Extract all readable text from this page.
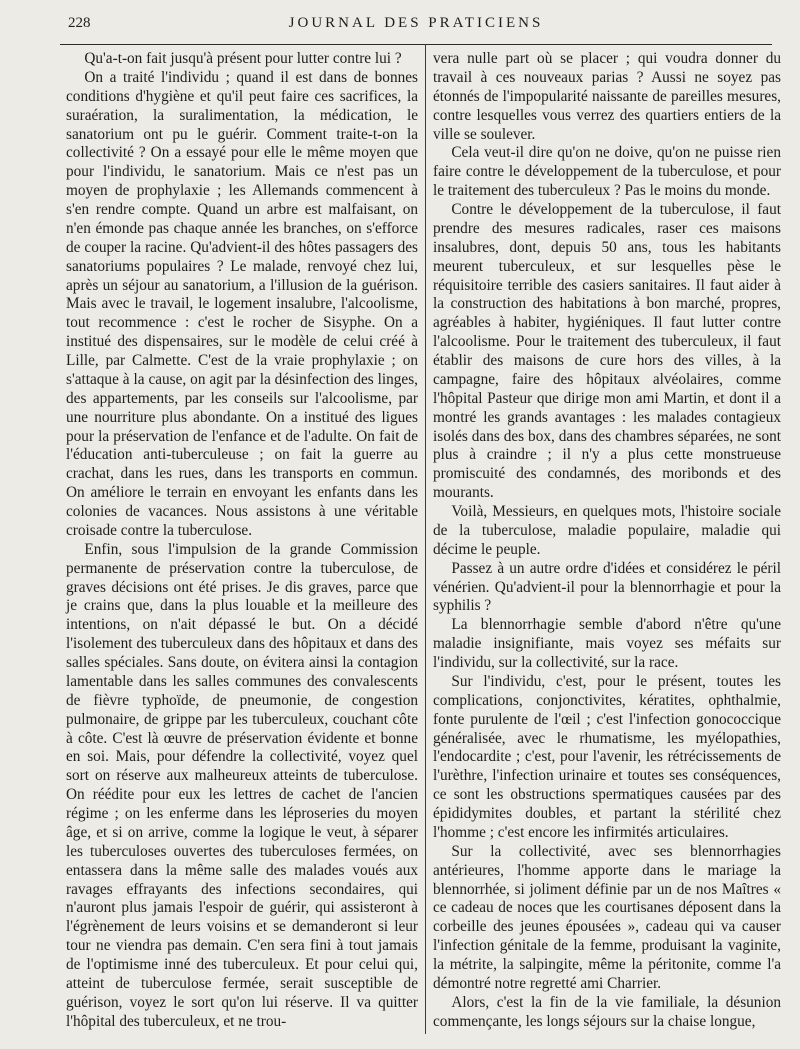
228	JOURNAL DES PRATICIENS

Qu'a-t-on fait jusqu'à présent pour lutter contre lui ?

On a traité l'individu ; quand il est dans de bonnes conditions d'hygiène et qu'il peut faire ces sacrifices, la suraération, la suralimentation, la médication, le sanatorium ont pu le guérir. Comment traite-t-on la collectivité ? On a essayé pour elle le même moyen que pour l'individu, le sanatorium. Mais ce n'est pas un moyen de prophylaxie ; les Allemands commencent à s'en rendre compte. Quand un arbre est malfaisant, on n'en émonde pas chaque année les branches, on s'efforce de couper la racine. Qu'advient-il des hôtes passagers des sanatoriums populaires ? Le malade, renvoyé chez lui, après un séjour au sanatorium, a l'illusion de la guérison. Mais avec le travail, le logement insalubre, l'alcoolisme, tout recommence : c'est le rocher de Sisyphe. On a institué des dispensaires, sur le modèle de celui créé à Lille, par Calmette. C'est de la vraie prophylaxie ; on s'attaque à la cause, on agit par la désinfection des linges, des appartements, par les conseils sur l'alcoolisme, par une nourriture plus abondante. On a institué des ligues pour la préservation de l'enfance et de l'adulte. On fait de l'éducation anti-tuberculeuse ; on fait la guerre au crachat, dans les rues, dans les transports en commun. On améliore le terrain en envoyant les enfants dans les colonies de vacances. Nous assistons à une véritable croisade contre la tuberculose.

Enfin, sous l'impulsion de la grande Commission permanente de préservation contre la tuberculose, de graves décisions ont été prises. Je dis graves, parce que je crains que, dans la plus louable et la meilleure des intentions, on n'ait dépassé le but. On a décidé l'isolement des tuberculeux dans des hôpitaux et dans des salles spéciales. Sans doute, on évitera ainsi la contagion lamentable dans les salles communes des convalescents de fièvre typhoïde, de pneumonie, de congestion pulmonaire, de grippe par les tuberculeux, couchant côte à côte. C'est là œuvre de préservation évidente et bonne en soi. Mais, pour défendre la collectivité, voyez quel sort on réserve aux malheureux atteints de tuberculose. On réédite pour eux les lettres de cachet de l'ancien régime ; on les enferme dans les léproseries du moyen âge, et si on arrive, comme la logique le veut, à séparer les tuberculoses ouvertes des tuberculoses fermées, on entassera dans la même salle des malades voués aux ravages effrayants des infections secondaires, qui n'auront plus jamais l'espoir de guérir, qui assisteront à l'égrènement de leurs voisins et se demanderont si leur tour ne viendra pas demain. C'en sera fini à tout jamais de l'optimisme inné des tuberculeux. Et pour celui qui, atteint de tuberculose fermée, serait susceptible de guérison, voyez le sort qu'on lui réserve. Il va quitter l'hôpital des tuberculeux, et ne trou-

vera nulle part où se placer ; qui voudra donner du travail à ces nouveaux parias ? Aussi ne soyez pas étonnés de l'impopularité naissante de pareilles mesures, contre lesquelles vous verrez des quartiers entiers de la ville se soulever.

Cela veut-il dire qu'on ne doive, qu'on ne puisse rien faire contre le développement de la tuberculose, et pour le traitement des tuberculeux ? Pas le moins du monde.

Contre le développement de la tuberculose, il faut prendre des mesures radicales, raser ces maisons insalubres, dont, depuis 50 ans, tous les habitants meurent tuberculeux, et sur lesquelles pèse le réquisitoire terrible des casiers sanitaires. Il faut aider à la construction des habitations à bon marché, propres, agréables à habiter, hygiéniques. Il faut lutter contre l'alcoolisme. Pour le traitement des tuberculeux, il faut établir des maisons de cure hors des villes, à la campagne, faire des hôpitaux alvéolaires, comme l'hôpital Pasteur que dirige mon ami Martin, et dont il a montré les grands avantages : les malades contagieux isolés dans des box, dans des chambres séparées, ne sont plus à craindre ; il n'y a plus cette monstrueuse promiscuité des condamnés, des moribonds et des mourants.

Voilà, Messieurs, en quelques mots, l'histoire sociale de la tuberculose, maladie populaire, maladie qui décime le peuple.

Passez à un autre ordre d'idées et considérez le péril vénérien. Qu'advient-il pour la blennorrhagie et pour la syphilis ?

La blennorrhagie semble d'abord n'être qu'une maladie insignifiante, mais voyez ses méfaits sur l'individu, sur la collectivité, sur la race.

Sur l'individu, c'est, pour le présent, toutes les complications, conjonctivites, kératites, ophthalmie, fonte purulente de l'œil ; c'est l'infection gonococcique généralisée, avec le rhumatisme, les myélopathies, l'endocardite ; c'est, pour l'avenir, les rétrécissements de l'urèthre, l'infection urinaire et toutes ses conséquences, ce sont les obstructions spermatiques causées par des épididymites doubles, et partant la stérilité chez l'homme ; c'est encore les infirmités articulaires.

Sur la collectivité, avec ses blennorrhagies antérieures, l'homme apporte dans le mariage la blennorrhée, si joliment définie par un de nos Maîtres « ce cadeau de noces que les courtisanes déposent dans la corbeille des jeunes épousées », cadeau qui va causer l'infection génitale de la femme, produisant la vaginite, la métrite, la salpingite, même la péritonite, comme l'a démontré notre regretté ami Charrier.

Alors, c'est la fin de la vie familiale, la désunion commençante, les longs séjours sur la chaise longue,
